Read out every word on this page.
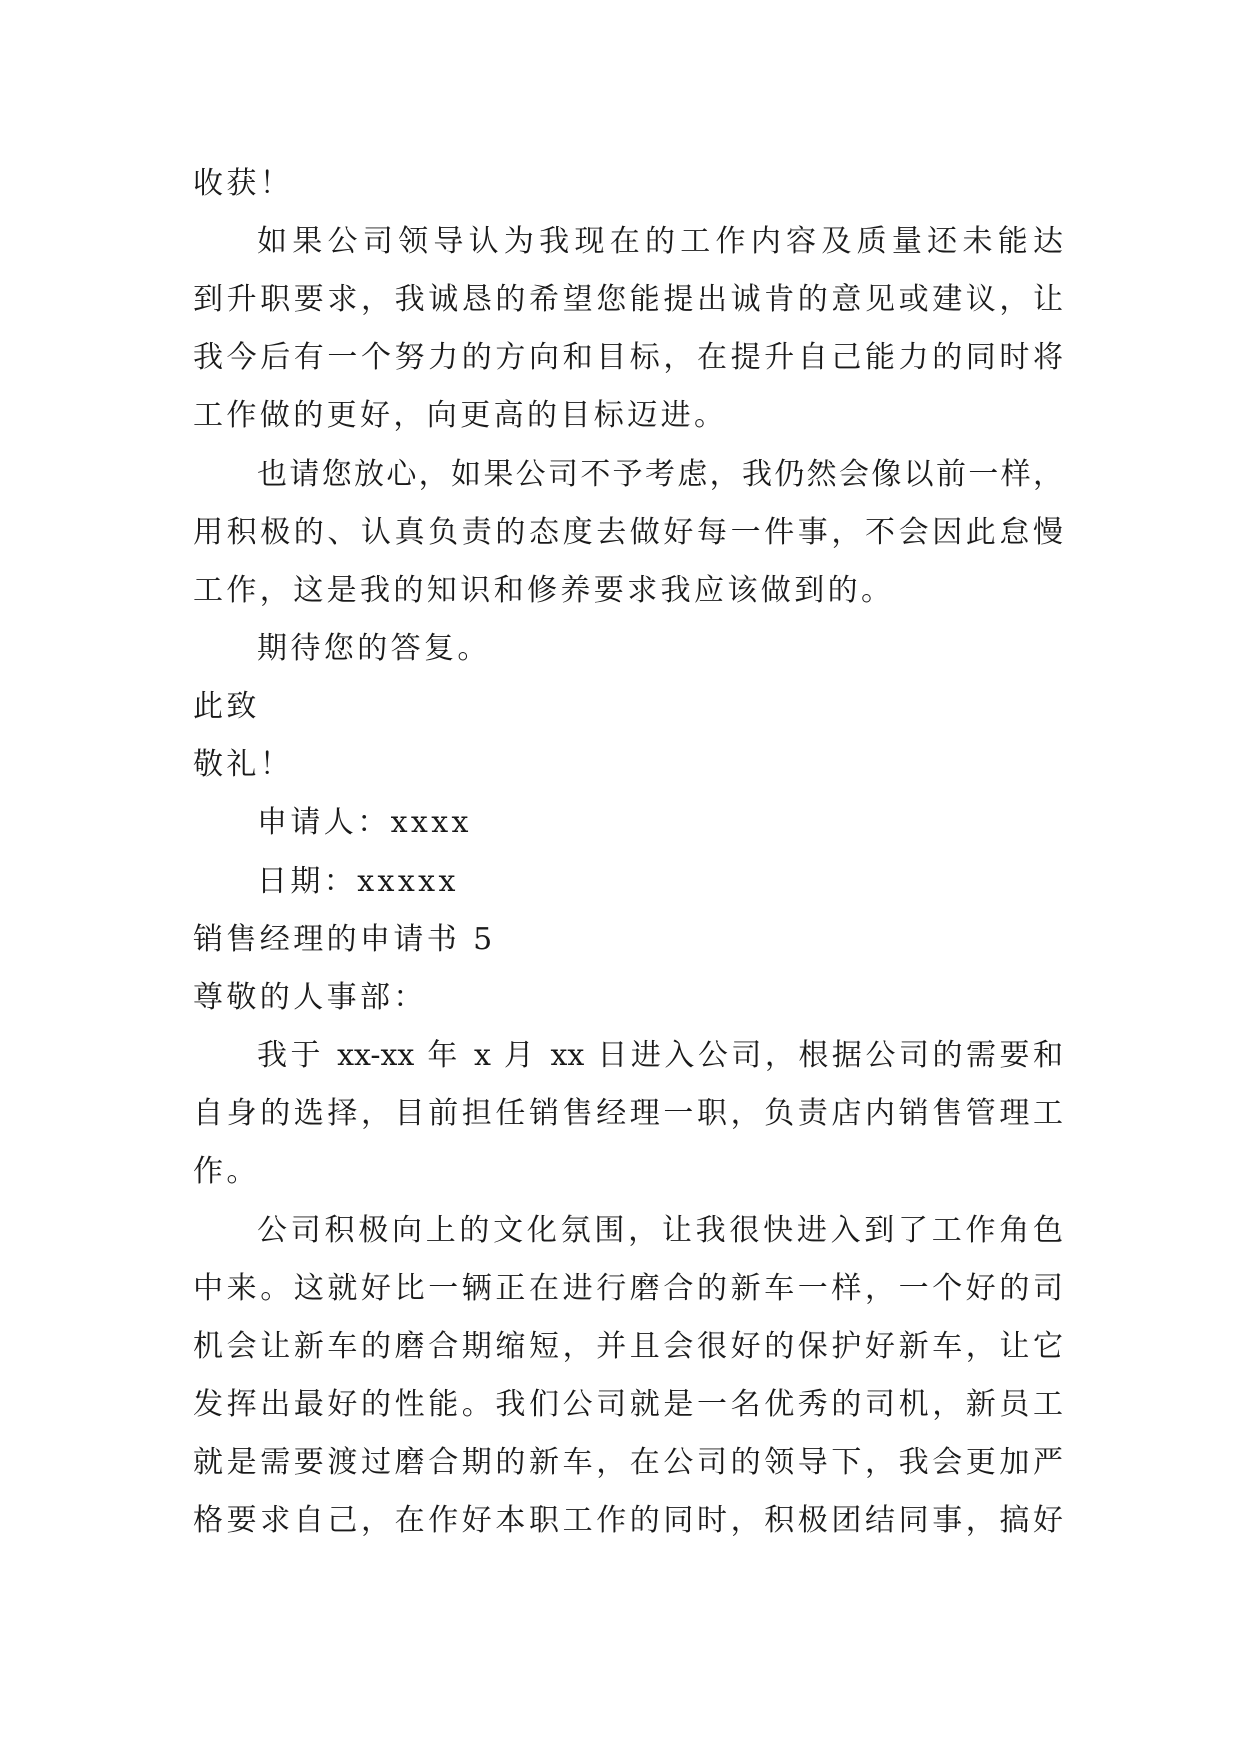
收获！
如果公司领导认为我现在的工作内容及质量还未能达
到升职要求，我诚恳的希望您能提出诚肯的意见或建议，让
我今后有一个努力的方向和目标，在提升自己能力的同时将
工作做的更好，向更高的目标迈进。
也请您放心，如果公司不予考虑，我仍然会像以前一样，
用积极的、认真负责的态度去做好每一件事，不会因此怠慢
工作，这是我的知识和修养要求我应该做到的。
期待您的答复。
此致
敬礼！
申请人：xxxx
日期：xxxxx
销售经理的申请书 5
尊敬的人事部：
我于 xx-xx 年 x 月 xx 日进入公司，根据公司的需要和
自身的选择，目前担任销售经理一职，负责店内销售管理工
作。
公司积极向上的文化氛围，让我很快进入到了工作角色
中来。这就好比一辆正在进行磨合的新车一样，一个好的司
机会让新车的磨合期缩短，并且会很好的保护好新车，让它
发挥出最好的性能。我们公司就是一名优秀的司机，新员工
就是需要渡过磨合期的新车，在公司的领导下，我会更加严
格要求自己，在作好本职工作的同时，积极团结同事，搞好
